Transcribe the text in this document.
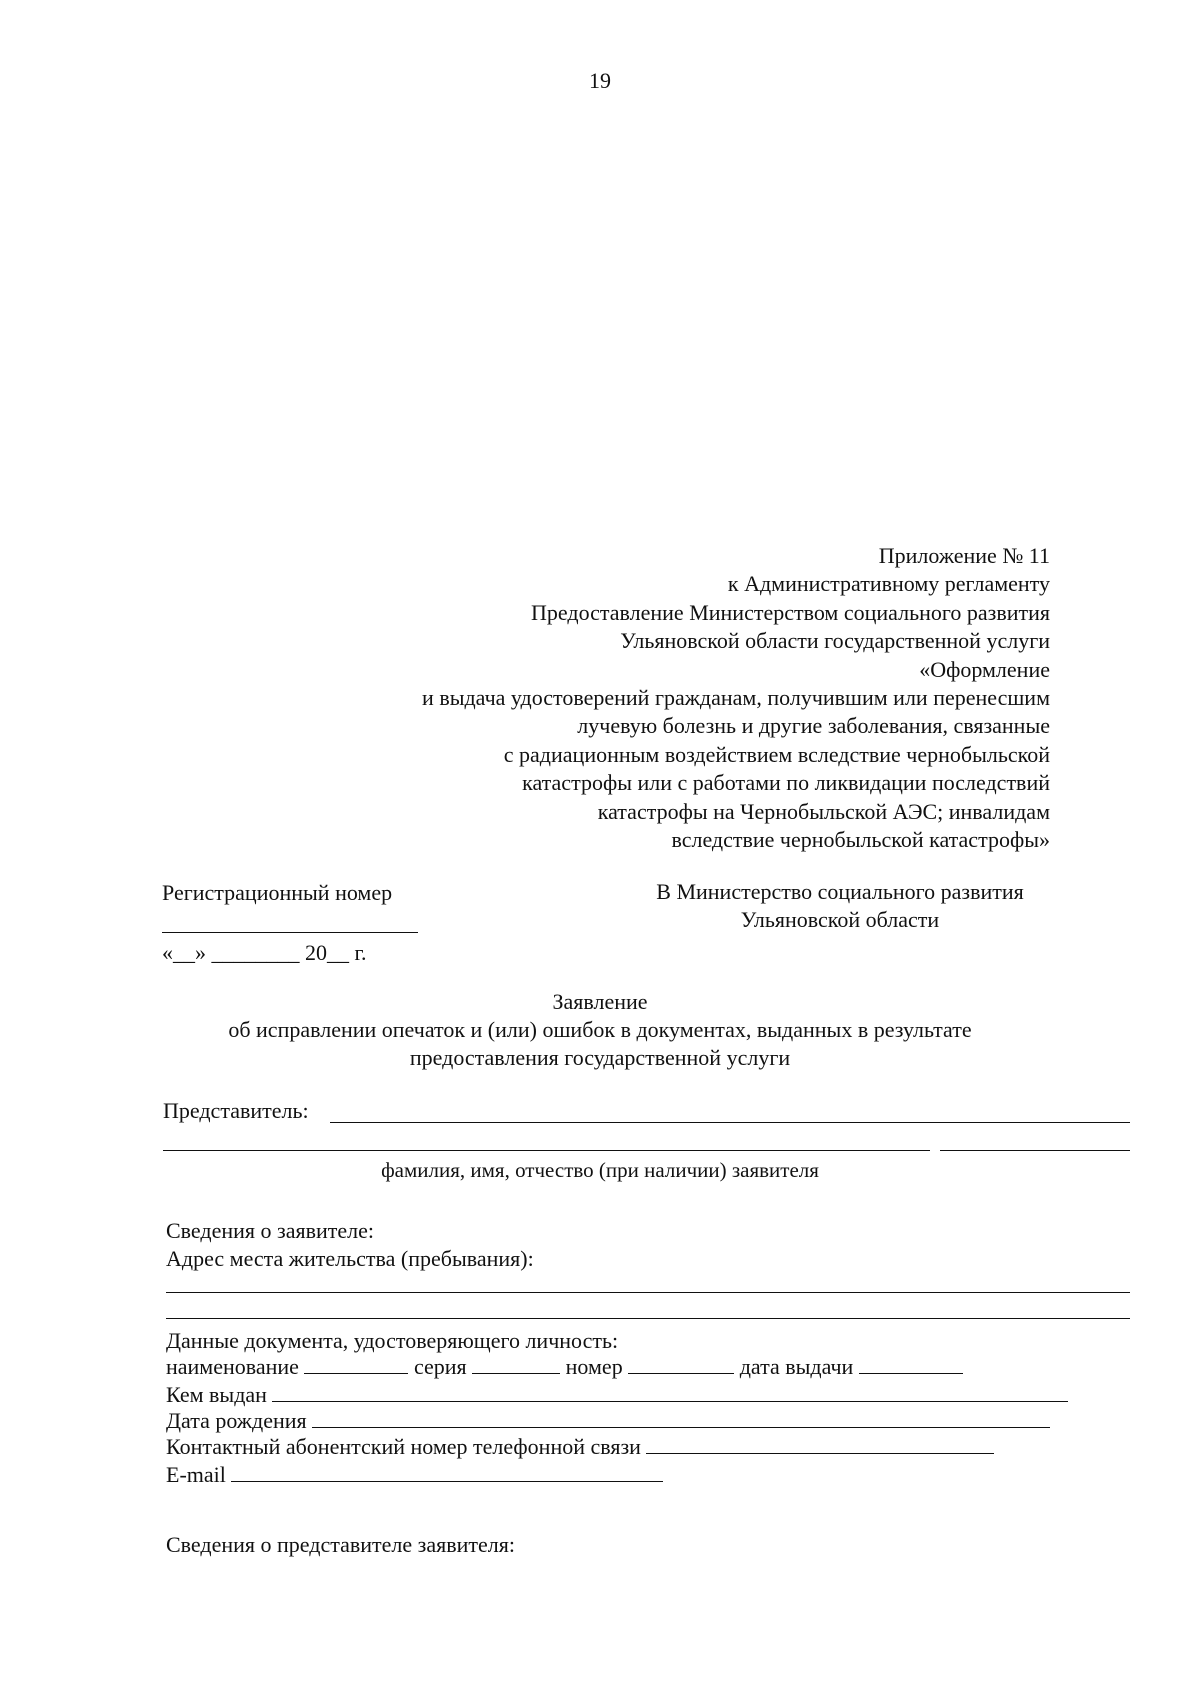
19
Приложение № 11
к Административному регламенту
Предоставление Министерством социального развития
Ульяновской области государственной услуги
«Оформление
и выдача удостоверений гражданам, получившим или перенесшим
лучевую болезнь и другие заболевания, связанные
с радиационным воздействием вследствие чернобыльской
катастрофы или с работами по ликвидации последствий
катастрофы на Чернобыльской АЭС; инвалидам
вследствие чернобыльской катастрофы»
Регистрационный номер
«__» ________ 20__ г.
В Министерство социального развития
Ульяновской области
Заявление
об исправлении опечаток и (или) ошибок в документах, выданных в результате
предоставления государственной услуги
Представитель:
фамилия, имя, отчество (при наличии) заявителя
Сведения о заявителе:
Адрес места жительства (пребывания):
Данные документа, удостоверяющего личность:
наименование	серия	номер	дата выдачи
Кем выдан
Дата рождения
Контактный абонентский номер телефонной связи
E-mail
Сведения о представителе заявителя:
